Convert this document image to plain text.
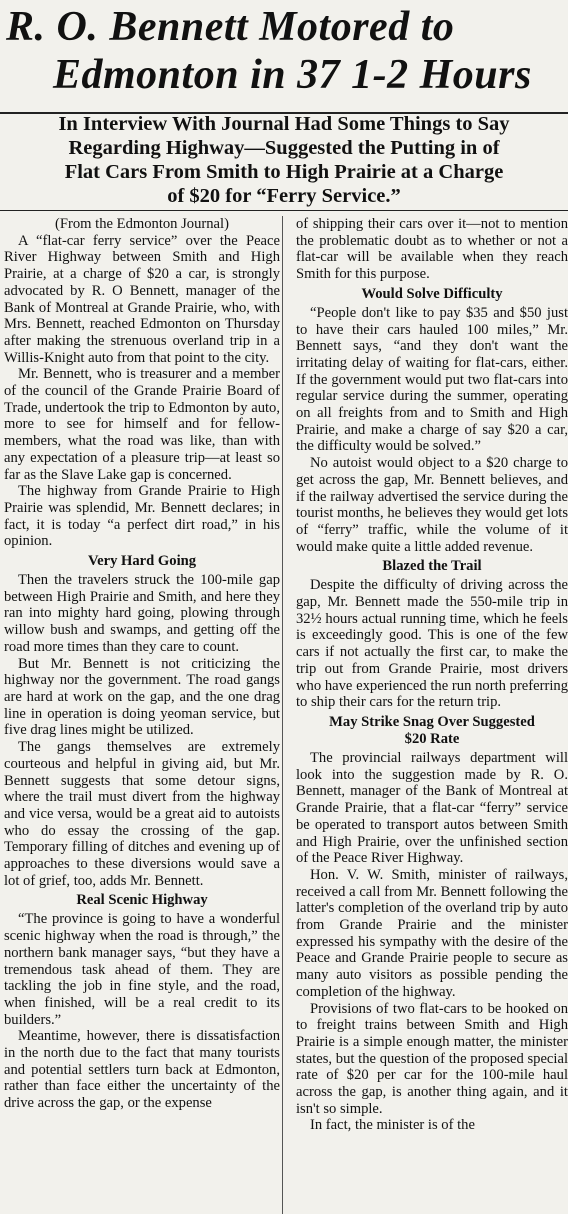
R. O. Bennett Motored to
Edmonton in 37 1-2 Hours
In Interview With Journal Had Some Things to Say
Regarding Highway—Suggested the Putting in of
Flat Cars From Smith to High Prairie at a Charge
of $20 for “Ferry Service.”

(From the Edmonton Journal)

A “flat-car ferry service” over the Peace River Highway between Smith and High Prairie, at a charge of $20 a car, is strongly advocated by R. O Bennett, manager of the Bank of Montreal at Grande Prairie, who, with Mrs. Bennett, reached Edmonton on Thursday after making the strenuous overland trip in a Willis-Knight auto from that point to the city.

Mr. Bennett, who is treasurer and a member of the council of the Grande Prairie Board of Trade, undertook the trip to Edmonton by auto, more to see for himself and for fellow-members, what the road was like, than with any expectation of a pleasure trip—at least so far as the Slave Lake gap is concerned.

The highway from Grande Prairie to High Prairie was splendid, Mr. Bennett declares; in fact, it is today “a perfect dirt road,” in his opinion.

Very Hard Going

Then the travelers struck the 100-mile gap between High Prairie and Smith, and here they ran into mighty hard going, plowing through willow bush and swamps, and getting off the road more times than they care to count.

But Mr. Bennett is not criticizing the highway nor the government. The road gangs are hard at work on the gap, and the one drag line in operation is doing yeoman service, but five drag lines might be utilized.

The gangs themselves are extremely courteous and helpful in giving aid, but Mr. Bennett suggests that some detour signs, where the trail must divert from the highway and vice versa, would be a great aid to autoists who do essay the crossing of the gap. Temporary filling of ditches and evening up of approaches to these diversions would save a lot of grief, too, adds Mr. Bennett.

Real Scenic Highway

“The province is going to have a wonderful scenic highway when the road is through,” the northern bank manager says, “but they have a tremendous task ahead of them. They are tackling the job in fine style, and the road, when finished, will be a real credit to its builders.”

Meantime, however, there is dissatisfaction in the north due to the fact that many tourists and potential settlers turn back at Edmonton, rather than face either the uncertainty of the drive across the gap, or the expense

of shipping their cars over it—not to mention the problematic doubt as to whether or not a flat-car will be available when they reach Smith for this purpose.

Would Solve Difficulty

“People don't like to pay $35 and $50 just to have their cars hauled 100 miles,” Mr. Bennett says, “and they don't want the irritating delay of waiting for flat-cars, either. If the government would put two flat-cars into regular service during the summer, operating on all freights from and to Smith and High Prairie, and make a charge of say $20 a car, the difficulty would be solved.”

No autoist would object to a $20 charge to get across the gap, Mr. Bennett believes, and if the railway advertised the service during the tourist months, he believes they would get lots of “ferry” traffic, while the volume of it would make quite a little added revenue.

Blazed the Trail

Despite the difficulty of driving across the gap, Mr. Bennett made the 550-mile trip in 32½ hours actual running time, which he feels is exceedingly good. This is one of the few cars if not actually the first car, to make the trip out from Grande Prairie, most drivers who have experienced the run north preferring to ship their cars for the return trip.

May Strike Snag Over Suggested
$20 Rate

The provincial railways department will look into the suggestion made by R. O. Bennett, manager of the Bank of Montreal at Grande Prairie, that a flat-car “ferry” service be operated to transport autos between Smith and High Prairie, over the unfinished section of the Peace River Highway.

Hon. V. W. Smith, minister of railways, received a call from Mr. Bennett following the latter's completion of the overland trip by auto from Grande Prairie and the minister expressed his sympathy with the desire of the Peace and Grande Prairie people to secure as many auto visitors as possible pending the completion of the highway.

Provisions of two flat-cars to be hooked on to freight trains between Smith and High Prairie is a simple enough matter, the minister states, but the question of the proposed special rate of $20 per car for the 100-mile haul across the gap, is another thing again, and it isn't so simple.

In fact, the minister is of the
